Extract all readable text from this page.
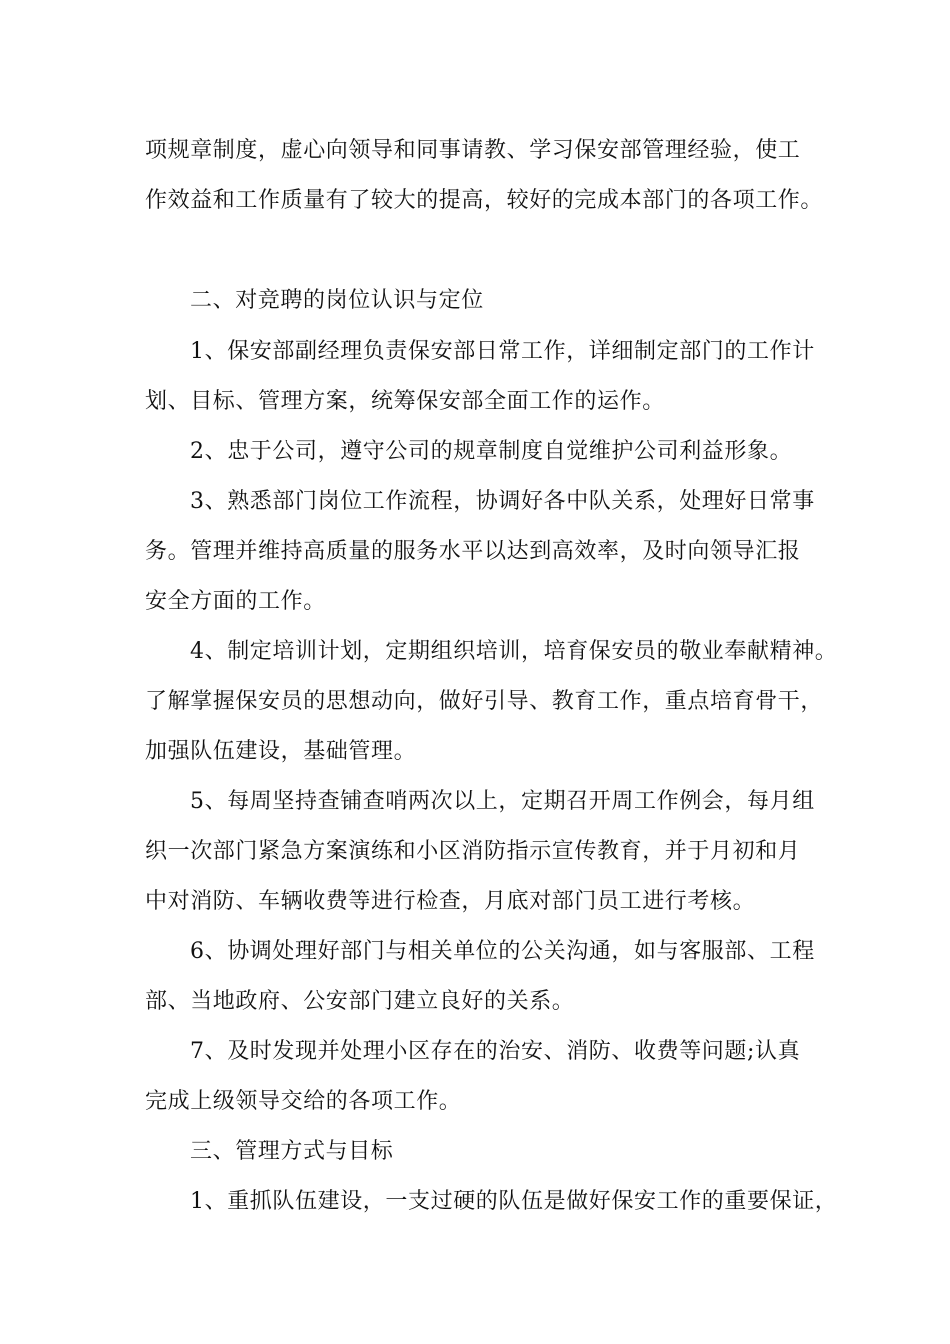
项规章制度，虚心向领导和同事请教、学习保安部管理经验，使工
作效益和工作质量有了较大的提高，较好的完成本部门的各项工作。
二、对竞聘的岗位认识与定位
1、保安部副经理负责保安部日常工作，详细制定部门的工作计
划、目标、管理方案，统筹保安部全面工作的运作。
2、忠于公司，遵守公司的规章制度自觉维护公司利益形象。
3、熟悉部门岗位工作流程，协调好各中队关系，处理好日常事
务。管理并维持高质量的服务水平以达到高效率，及时向领导汇报
安全方面的工作。
4、制定培训计划，定期组织培训，培育保安员的敬业奉献精神。
了解掌握保安员的思想动向，做好引导、教育工作，重点培育骨干，
加强队伍建设，基础管理。
5、每周坚持查铺查哨两次以上，定期召开周工作例会，每月组
织一次部门紧急方案演练和小区消防指示宣传教育，并于月初和月
中对消防、车辆收费等进行检查，月底对部门员工进行考核。
6、协调处理好部门与相关单位的公关沟通，如与客服部、工程
部、当地政府、公安部门建立良好的关系。
7、及时发现并处理小区存在的治安、消防、收费等问题;认真
完成上级领导交给的各项工作。
三、管理方式与目标
1、重抓队伍建设，一支过硬的队伍是做好保安工作的重要保证，
